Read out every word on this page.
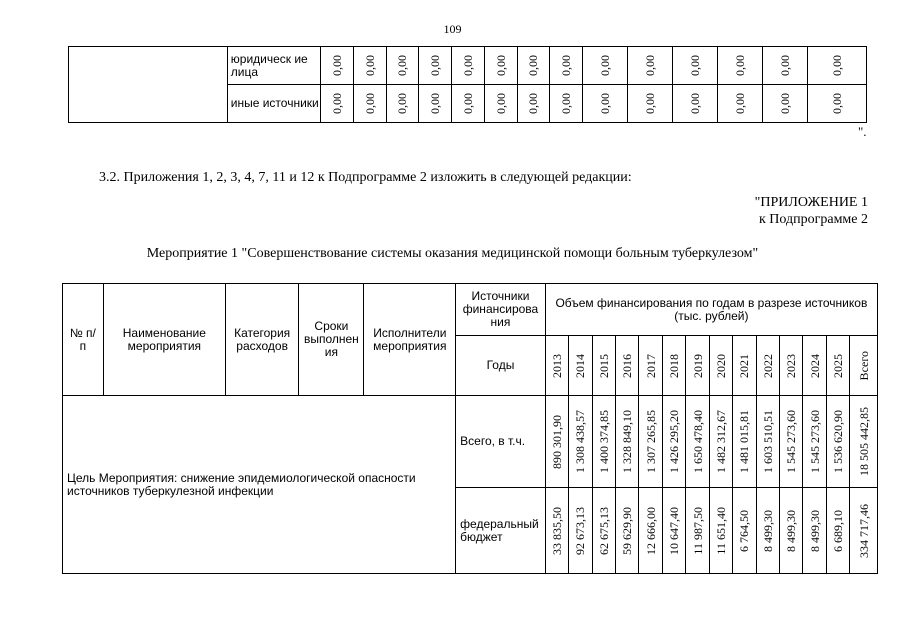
109
	юридическ ие лица	0,00	0,00	0,00	0,00	0,00	0,00	0,00	0,00	0,00	0,00	0,00	0,00	0,00	0,00

	иные источники	0,00	0,00	0,00	0,00	0,00	0,00	0,00	0,00	0,00	0,00	0,00	0,00	0,00	0,00
".
3.2. Приложения 1, 2, 3, 4, 7, 11 и 12 к Подпрограмме 2 изложить в следующей редакции:
"ПРИЛОЖЕНИЕ 1
к Подпрограмме 2
Мероприятие 1 "Совершенствование системы оказания медицинской помощи больным туберкулезом"
№ п/п	Наименование мероприятия	Категория расходов	Сроки выполнен ия	Исполнители мероприятия	Источники финансирова ния	Объем финансирования по годам в разрезе источников (тыс. рублей)													
					Годы	2013	2014	2015	2016	2017	2018	2019	2020	2021	2022	2023	2024	2025	Всего

Цель Мероприятия: снижение эпидемиологической опасности источников туберкулезной инфекции					Всего, в т.ч.	890 301,90	1 308 438,57	1 400 374,85	1 328 849,10	1 307 265,85	1 426 295,20	1 650 478,40	1 482 312,67	1 481 015,81	1 603 510,51	1 545 273,60	1 545 273,60	1 536 620,90	18 505 442,85

					федеральный бюджет	33 835,50	92 673,13	62 675,13	59 629,90	12 666,00	10 647,40	11 987,50	11 651,40	6 764,50	8 499,30	8 499,30	8 499,30	6 689,10	334 717,46
